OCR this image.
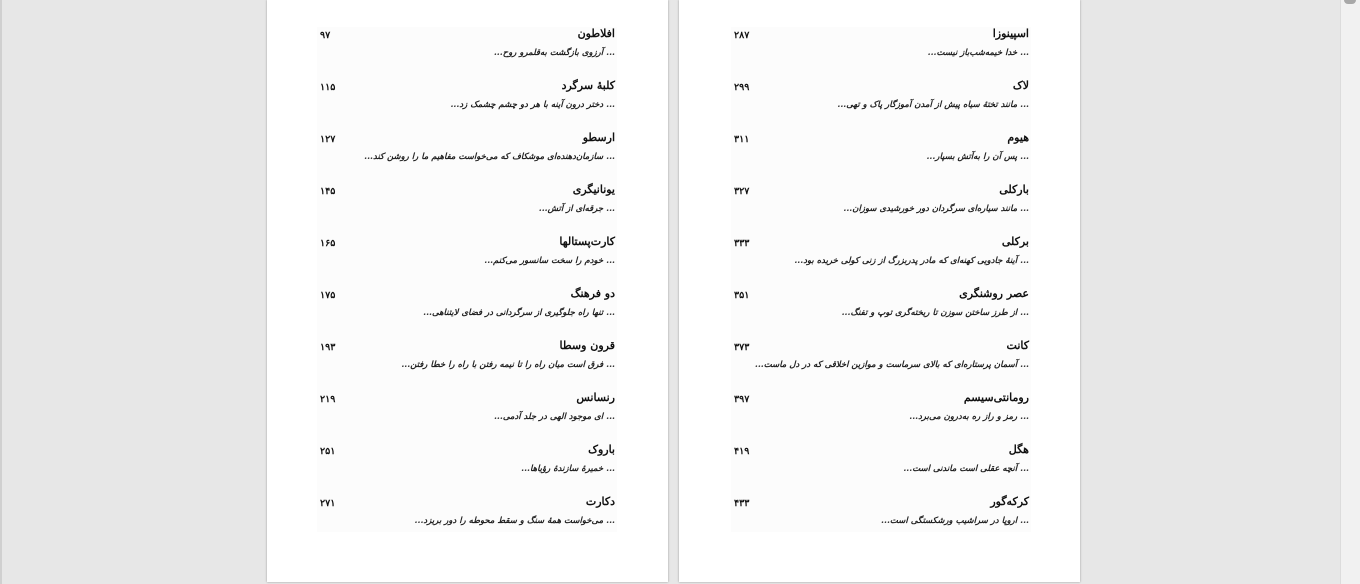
افلاطون
... آرزوی بازگشت به‌قلمرو روح...
۹۷
کلبهٔ سرگرد
... دختر درون آینه با هر دو چشم چشمک زد...
۱۱۵
ارسطو
... سازمان‌دهنده‌ای موشکاف که می‌خواست مفاهیم ما را روشن کند...
۱۲۷
یونانیگری
... جرقه‌ای از آتش...
۱۴۵
کارت‌پستالها
... خودم را سخت سانسور می‌کنم...
۱۶۵
دو فرهنگ
... تنها راه جلوگیری از سرگردانی در فضای لایتناهی...
۱۷۵
قرون وسطا
... فرق است میان راه را تا نیمه رفتن با راه را خطا رفتن...
۱۹۳
رنسانس
... ای موجود الهی در جلد آدمی...
۲۱۹
باروک
... خمیرهٔ سازندهٔ رؤیاها...
۲۵۱
دکارت
... می‌خواست همهٔ سنگ و سقط محوطه را دور بریزد...
۲۷۱
اسپینوزا
... خدا خیمه‌شب‌باز نیست...
۲۸۷
لاک
... مانند تختهٔ سیاه پیش از آمدن آموزگار پاک و تهی...
۲۹۹
هیوم
... پس آن را به‌آتش بسپار...
۳۱۱
بارکلی
... مانند سیاره‌ای سرگردان دور خورشیدی سوزان...
۳۲۷
برکلی
... آینهٔ جادویی کهنه‌ای که مادر پدربزرگ از زنی کولی خریده بود...
۳۳۳
عصر روشنگری
... از طرز ساختن سوزن تا ریخته‌گری توپ و تفنگ...
۳۵۱
کانت
... آسمان پرستاره‌ای که بالای سرماست و موازین اخلاقی که در دل ماست...
۳۷۳
رومانتی‌سیسم
... رمز و راز ره به‌درون می‌برد...
۳۹۷
هگل
... آنچه عقلی است ماندنی است...
۴۱۹
کرکه‌گور
... اروپا در سراشیب ورشکستگی است...
۴۳۳
